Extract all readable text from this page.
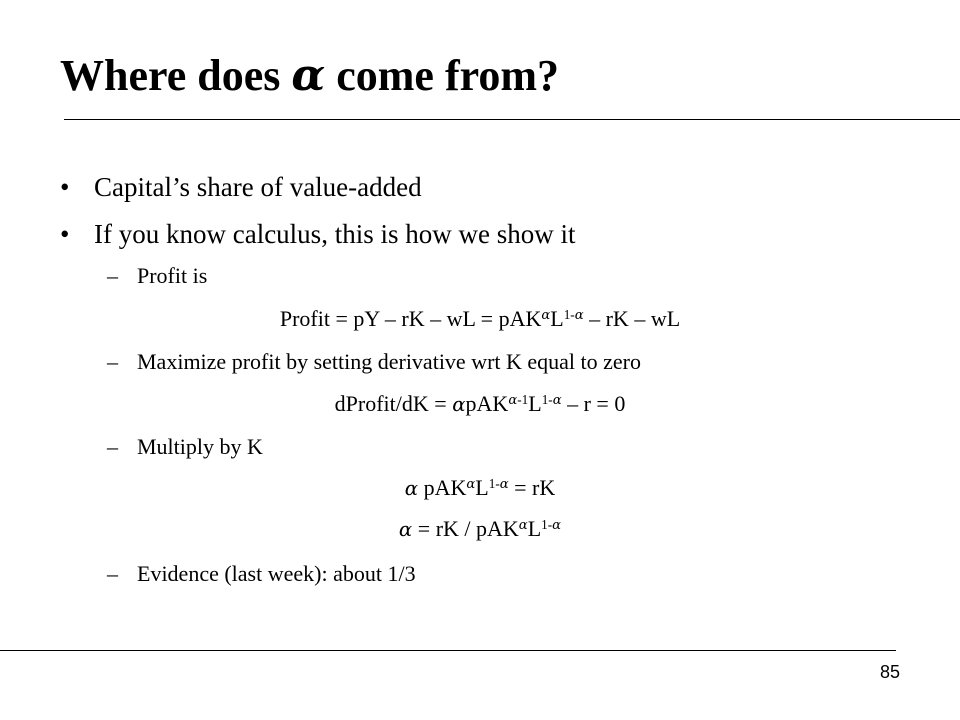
Where does α come from?
• Capital’s share of value-added
• If you know calculus, this is how we show it
– Profit is
Profit = pY – rK – wL = $pAK^\alpha L^{1-\alpha}$ – rK – wL
– Maximize profit by setting derivative wrt K equal to zero
dProfit/dK = $\alpha pAK^{\alpha-1}L^{1-\alpha} - r = 0$
– Multiply by K
α $pAK^\alpha L^{1-\alpha}$ = rK
α = rK / $pAK^\alpha L^{1-\alpha}$
– Evidence (last week): about 1/3
85
